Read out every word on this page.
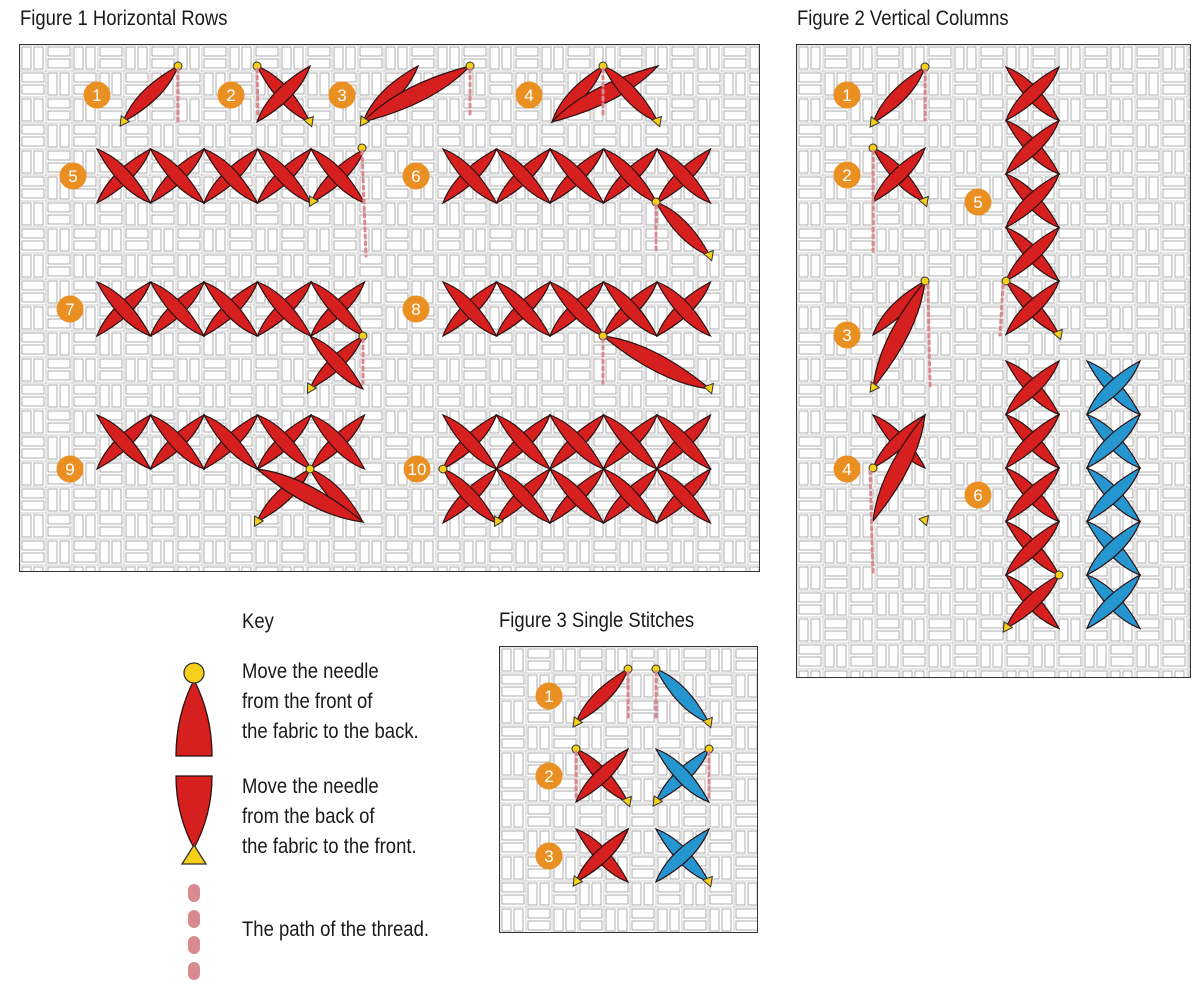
Figure 1 Horizontal Rows	Figure 2 Vertical Columns
Figure 3 Single Stitches
1	2	3	4
5	6
7	8
9	10
1
2
3
4
5
6
1
2
3
Key
Move the needle
from the front of
the fabric to the back.
Move the needle
from the back of
the fabric to the front.
The path of the thread.
